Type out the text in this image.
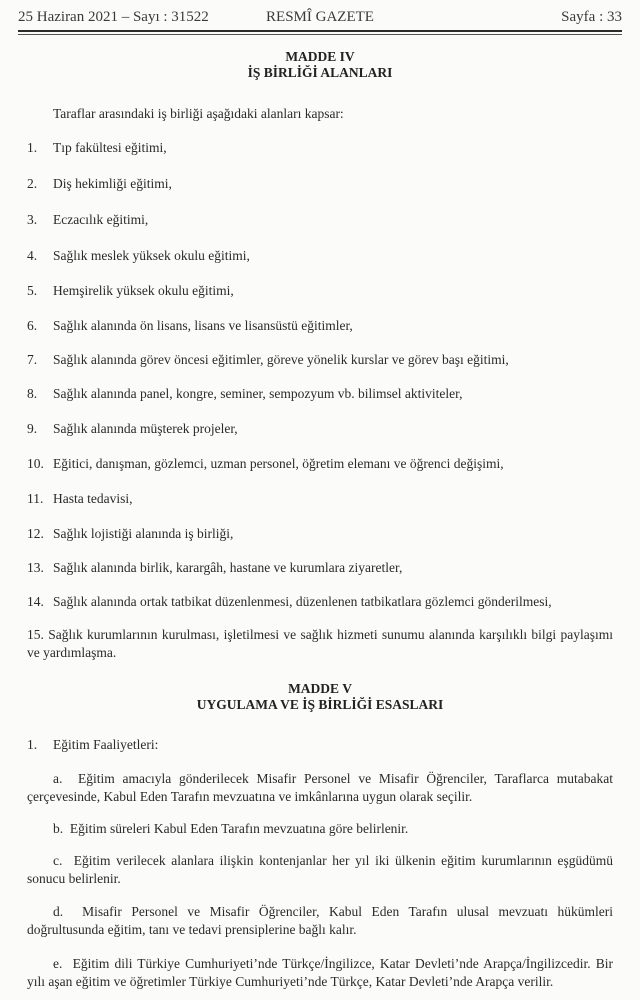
25 Haziran 2021 – Sayı : 31522	RESMÎ GAZETE	Sayfa : 33
MADDE IV
İŞ BİRLİĞİ ALANLARI
Taraflar arasındaki iş birliği aşağıdaki alanları kapsar:
1. Tıp fakültesi eğitimi,
2. Diş hekimliği eğitimi,
3. Eczacılık eğitimi,
4. Sağlık meslek yüksek okulu eğitimi,
5. Hemşirelik yüksek okulu eğitimi,
6. Sağlık alanında ön lisans, lisans ve lisansüstü eğitimler,
7. Sağlık alanında görev öncesi eğitimler, göreve yönelik kurslar ve görev başı eğitimi,
8. Sağlık alanında panel, kongre, seminer, sempozyum vb. bilimsel aktiviteler,
9. Sağlık alanında müşterek projeler,
10. Eğitici, danışman, gözlemci, uzman personel, öğretim elemanı ve öğrenci değişimi,
11. Hasta tedavisi,
12. Sağlık lojistiği alanında iş birliği,
13. Sağlık alanında birlik, karargâh, hastane ve kurumlara ziyaretler,
14. Sağlık alanında ortak tatbikat düzenlenmesi, düzenlenen tatbikatlara gözlemci gönderilmesi,
15. Sağlık kurumlarının kurulması, işletilmesi ve sağlık hizmeti sunumu alanında karşılıklı bilgi paylaşımı ve yardımlaşma.
MADDE V
UYGULAMA VE İŞ BİRLİĞİ ESASLARI
1. Eğitim Faaliyetleri:
a. Eğitim amacıyla gönderilecek Misafir Personel ve Misafir Öğrenciler, Taraflarca mutabakat çerçevesinde, Kabul Eden Tarafın mevzuatına ve imkânlarına uygun olarak seçilir.
b. Eğitim süreleri Kabul Eden Tarafın mevzuatına göre belirlenir.
c. Eğitim verilecek alanlara ilişkin kontenjanlar her yıl iki ülkenin eğitim kurumlarının eşgüdümü sonucu belirlenir.
d. Misafir Personel ve Misafir Öğrenciler, Kabul Eden Tarafın ulusal mevzuatı hükümleri doğrultusunda eğitim, tanı ve tedavi prensiplerine bağlı kalır.
e. Eğitim dili Türkiye Cumhuriyeti’nde Türkçe/İngilizce, Katar Devleti’nde Arapça/İngilizcedir. Bir yılı aşan eğitim ve öğretimler Türkiye Cumhuriyeti’nde Türkçe, Katar Devleti’nde Arapça verilir.
